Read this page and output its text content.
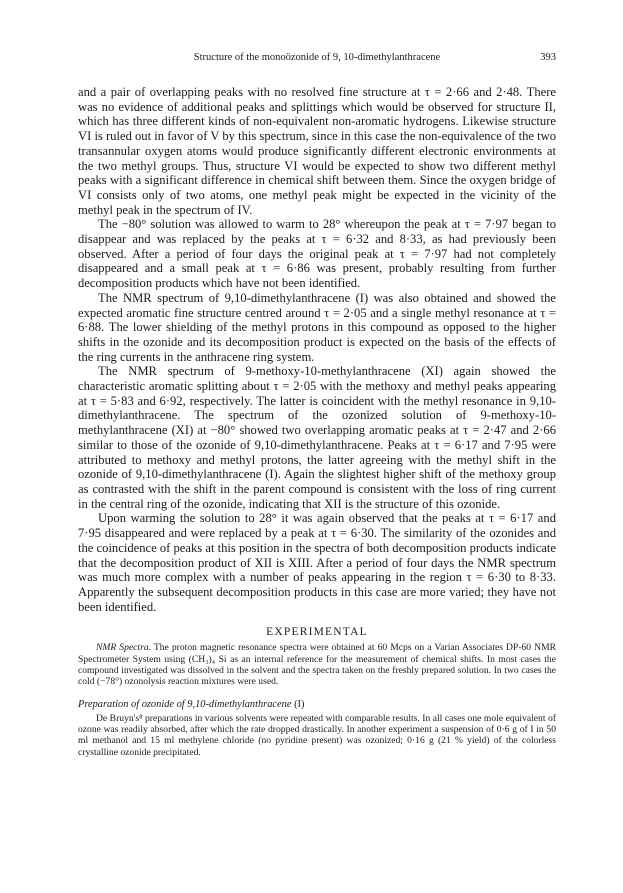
Structure of the monoözonide of 9, 10-dimethylanthracene	393

and a pair of overlapping peaks with no resolved fine structure at τ = 2·66 and 2·48. There was no evidence of additional peaks and splittings which would be observed for structure II, which has three different kinds of non-equivalent non-aromatic hydrogens. Likewise structure VI is ruled out in favor of V by this spectrum, since in this case the non-equivalence of the two transannular oxygen atoms would produce significantly different electronic environments at the two methyl groups. Thus, structure VI would be expected to show two different methyl peaks with a significant difference in chemical shift between them. Since the oxygen bridge of VI consists only of two atoms, one methyl peak might be expected in the vicinity of the methyl peak in the spectrum of IV.

The −80° solution was allowed to warm to 28° whereupon the peak at τ = 7·97 began to disappear and was replaced by the peaks at τ = 6·32 and 8·33, as had previously been observed. After a period of four days the original peak at τ = 7·97 had not completely disappeared and a small peak at τ = 6·86 was present, probably resulting from further decomposition products which have not been identified.

The NMR spectrum of 9,10-dimethylanthracene (I) was also obtained and showed the expected aromatic fine structure centred around τ = 2·05 and a single methyl resonance at τ = 6·88. The lower shielding of the methyl protons in this compound as opposed to the higher shifts in the ozonide and its decomposition product is expected on the basis of the effects of the ring currents in the anthracene ring system.

The NMR spectrum of 9-methoxy-10-methylanthracene (XI) again showed the characteristic aromatic splitting about τ = 2·05 with the methoxy and methyl peaks appearing at τ = 5·83 and 6·92, respectively. The latter is coincident with the methyl resonance in 9,10-dimethylanthracene. The spectrum of the ozonized solution of 9-methoxy-10-methylanthracene (XI) at −80° showed two overlapping aromatic peaks at τ = 2·47 and 2·66 similar to those of the ozonide of 9,10-dimethylanthracene. Peaks at τ = 6·17 and 7·95 were attributed to methoxy and methyl protons, the latter agreeing with the methyl shift in the ozonide of 9,10-dimethylanthracene (I). Again the slightest higher shift of the methoxy group as contrasted with the shift in the parent compound is consistent with the loss of ring current in the central ring of the ozonide, indicating that XII is the structure of this ozonide.

Upon warming the solution to 28° it was again observed that the peaks at τ = 6·17 and 7·95 disappeared and were replaced by a peak at τ = 6·30. The similarity of the ozonides and the coincidence of peaks at this position in the spectra of both decomposition products indicate that the decomposition product of XII is XIII. After a period of four days the NMR spectrum was much more complex with a number of peaks appearing in the region τ = 6·30 to 8·33. Apparently the subsequent decomposition products in this case are more varied; they have not been identified.

EXPERIMENTAL

NMR Spectra. The proton magnetic resonance spectra were obtained at 60 Mcps on a Varian Associates DP-60 NMR Spectrometer System using (CH₃)₄ Si as an internal reference for the measurement of chemical shifts. In most cases the compound investigated was dissolved in the solvent and the spectra taken on the freshly prepared solution. In two cases the cold (−78°) ozonolysis reaction mixtures were used.

Preparation of ozonide of 9,10-dimethylanthracene (I)

De Bruyn's⁸ preparations in various solvents were repeated with comparable results. In all cases one mole equivalent of ozone was readily absorbed, after which the rate dropped drastically. In another experiment a suspension of 0·6 g of I in 50 ml methanol and 15 ml methylene chloride (no pyridine present) was ozonized; 0·16 g (21 % yield) of the colorless crystalline ozonide precipitated.
